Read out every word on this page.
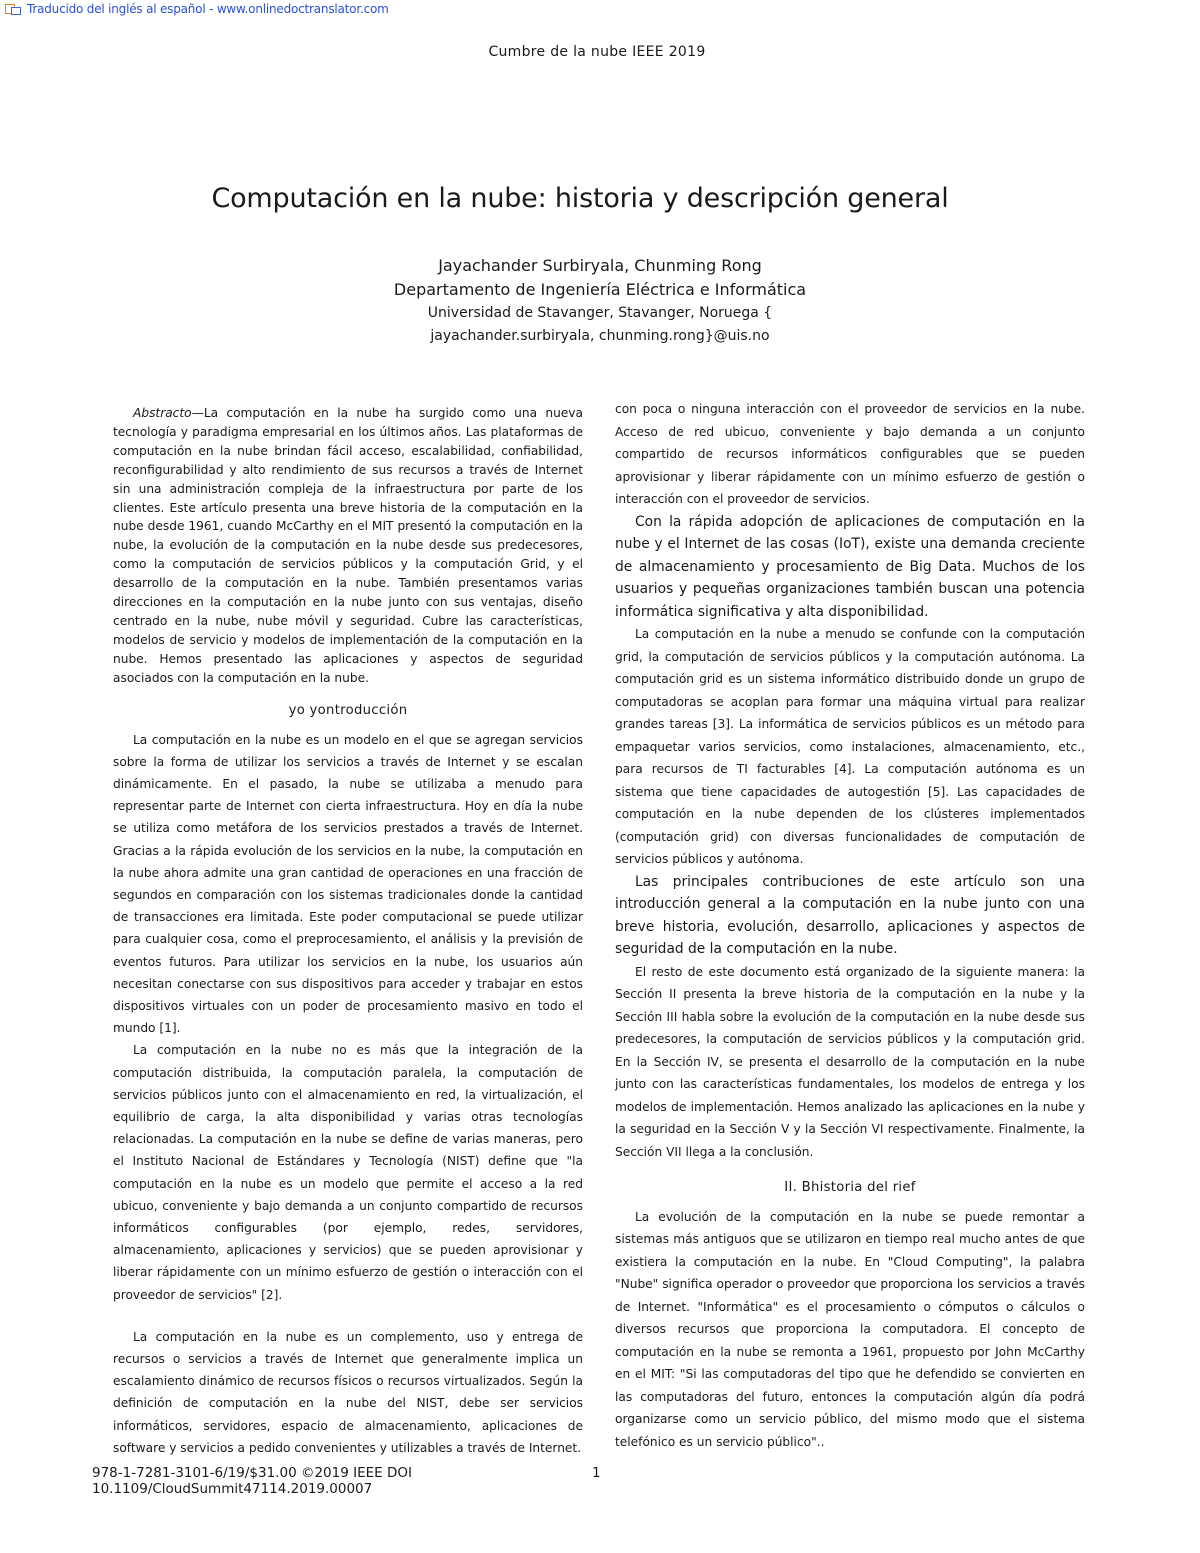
Traducido del inglés al español - www.onlinedoctranslator.com
Cumbre de la nube IEEE 2019
Computación en la nube: historia y descripción general
Jayachander Surbiryala, Chunming Rong
Departamento de Ingeniería Eléctrica e Informática
Universidad de Stavanger, Stavanger, Noruega {
jayachander.surbiryala, chunming.rong}@uis.no

Abstracto—La computación en la nube ha surgido como una nueva tecnología y paradigma empresarial en los últimos años. Las plataformas de computación en la nube brindan fácil acceso, escalabilidad, confiabilidad, reconfigurabilidad y alto rendimiento de sus recursos a través de Internet sin una administración compleja de la infraestructura por parte de los clientes. Este artículo presenta una breve historia de la computación en la nube desde 1961, cuando McCarthy en el MIT presentó la computación en la nube, la evolución de la computación en la nube desde sus predecesores, como la computación de servicios públicos y la computación Grid, y el desarrollo de la computación en la nube. También presentamos varias direcciones en la computación en la nube junto con sus ventajas, diseño centrado en la nube, nube móvil y seguridad. Cubre las características, modelos de servicio y modelos de implementación de la computación en la nube. Hemos presentado las aplicaciones y aspectos de seguridad asociados con la computación en la nube.

yo yontroducción

La computación en la nube es un modelo en el que se agregan servicios sobre la forma de utilizar los servicios a través de Internet y se escalan dinámicamente. En el pasado, la nube se utilizaba a menudo para representar parte de Internet con cierta infraestructura. Hoy en día la nube se utiliza como metáfora de los servicios prestados a través de Internet. Gracias a la rápida evolución de los servicios en la nube, la computación en la nube ahora admite una gran cantidad de operaciones en una fracción de segundos en comparación con los sistemas tradicionales donde la cantidad de transacciones era limitada. Este poder computacional se puede utilizar para cualquier cosa, como el preprocesamiento, el análisis y la previsión de eventos futuros. Para utilizar los servicios en la nube, los usuarios aún necesitan conectarse con sus dispositivos para acceder y trabajar en estos dispositivos virtuales con un poder de procesamiento masivo en todo el mundo [1].

La computación en la nube no es más que la integración de la computación distribuida, la computación paralela, la computación de servicios públicos junto con el almacenamiento en red, la virtualización, el equilibrio de carga, la alta disponibilidad y varias otras tecnologías relacionadas. La computación en la nube se define de varias maneras, pero el Instituto Nacional de Estándares y Tecnología (NIST) define que "la computación en la nube es un modelo que permite el acceso a la red ubicuo, conveniente y bajo demanda a un conjunto compartido de recursos informáticos configurables (por ejemplo, redes, servidores, almacenamiento, aplicaciones y servicios) que se pueden aprovisionar y liberar rápidamente con un mínimo esfuerzo de gestión o interacción con el proveedor de servicios" [2].

La computación en la nube es un complemento, uso y entrega de recursos o servicios a través de Internet que generalmente implica un escalamiento dinámico de recursos físicos o recursos virtualizados. Según la definición de computación en la nube del NIST, debe ser servicios informáticos, servidores, espacio de almacenamiento, aplicaciones de software y servicios a pedido convenientes y utilizables a través de Internet.

con poca o ninguna interacción con el proveedor de servicios en la nube. Acceso de red ubicuo, conveniente y bajo demanda a un conjunto compartido de recursos informáticos configurables que se pueden aprovisionar y liberar rápidamente con un mínimo esfuerzo de gestión o interacción con el proveedor de servicios.

Con la rápida adopción de aplicaciones de computación en la nube y el Internet de las cosas (IoT), existe una demanda creciente de almacenamiento y procesamiento de Big Data. Muchos de los usuarios y pequeñas organizaciones también buscan una potencia informática significativa y alta disponibilidad.

La computación en la nube a menudo se confunde con la computación grid, la computación de servicios públicos y la computación autónoma. La computación grid es un sistema informático distribuido donde un grupo de computadoras se acoplan para formar una máquina virtual para realizar grandes tareas [3]. La informática de servicios públicos es un método para empaquetar varios servicios, como instalaciones, almacenamiento, etc., para recursos de TI facturables [4]. La computación autónoma es un sistema que tiene capacidades de autogestión [5]. Las capacidades de computación en la nube dependen de los clústeres implementados (computación grid) con diversas funcionalidades de computación de servicios públicos y autónoma.

Las principales contribuciones de este artículo son una introducción general a la computación en la nube junto con una breve historia, evolución, desarrollo, aplicaciones y aspectos de seguridad de la computación en la nube.

El resto de este documento está organizado de la siguiente manera: la Sección II presenta la breve historia de la computación en la nube y la Sección III habla sobre la evolución de la computación en la nube desde sus predecesores, la computación de servicios públicos y la computación grid. En la Sección IV, se presenta el desarrollo de la computación en la nube junto con las características fundamentales, los modelos de entrega y los modelos de implementación. Hemos analizado las aplicaciones en la nube y la seguridad en la Sección V y la Sección VI respectivamente. Finalmente, la Sección VII llega a la conclusión.

II. Bhistoria del rief

La evolución de la computación en la nube se puede remontar a sistemas más antiguos que se utilizaron en tiempo real mucho antes de que existiera la computación en la nube. En "Cloud Computing", la palabra "Nube" significa operador o proveedor que proporciona los servicios a través de Internet. "Informática" es el procesamiento o cómputos o cálculos o diversos recursos que proporciona la computadora. El concepto de computación en la nube se remonta a 1961, propuesto por John McCarthy en el MIT: "Si las computadoras del tipo que he defendido se convierten en las computadoras del futuro, entonces la computación algún día podrá organizarse como un servicio público, del mismo modo que el sistema telefónico es un servicio público"..

978-1-7281-3101-6/19/$31.00 ©2019 IEEE DOI
10.1109/CloudSummit47114.2019.00007
1
